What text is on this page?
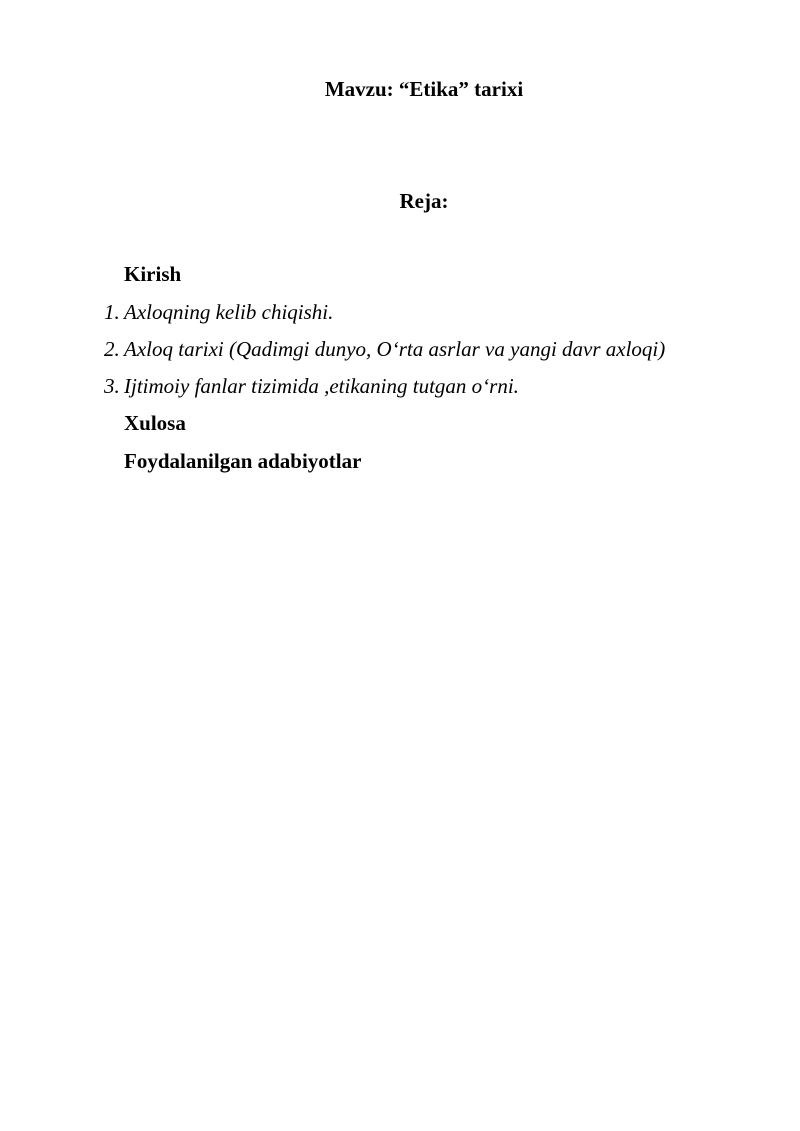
Mavzu: “Etika” tarixi
Reja:
Kirish
1. Axloqning kelib chiqishi.
2. Axloq tarixi (Qadimgi dunyo, O‘rta asrlar va yangi davr axloqi)
3. Ijtimoiy fanlar tizimida ,etikaning tutgan o‘rni.
Xulosa
Foydalanilgan adabiyotlar
